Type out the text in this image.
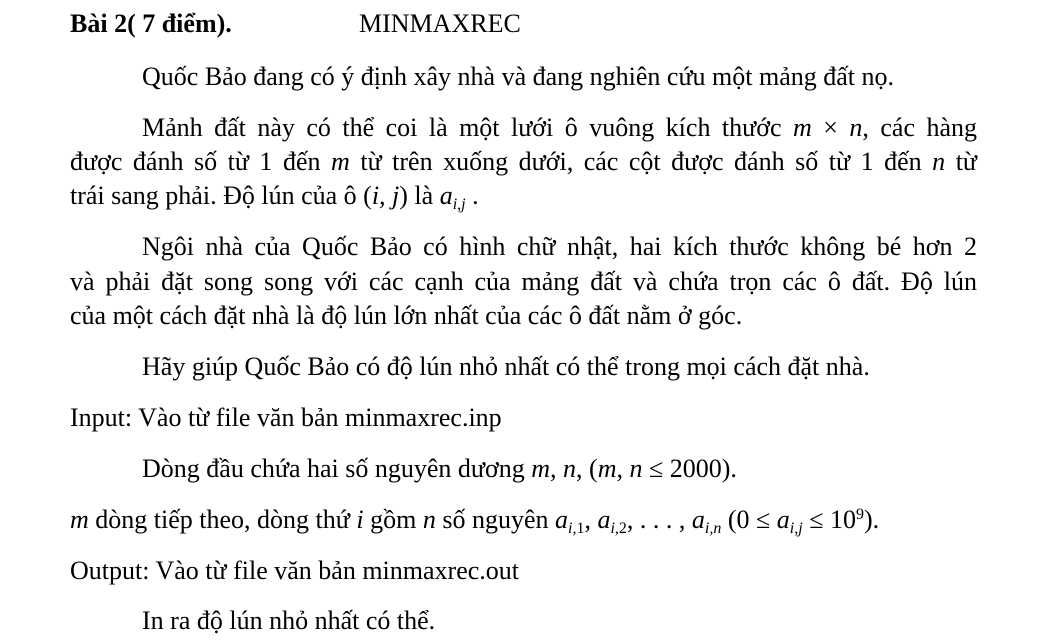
Bài 2( 7 điểm).	MINMAXREC
Quốc Bảo đang có ý định xây nhà và đang nghiên cứu một mảng đất nọ.
Mảnh đất này có thể coi là một lưới ô vuông kích thước m × n, các hàng
được đánh số từ 1 đến m từ trên xuống dưới, các cột được đánh số từ 1 đến n từ
trái sang phải. Độ lún của ô (i, j) là $a_{i,j}$ .
Ngôi nhà của Quốc Bảo có hình chữ nhật, hai kích thước không bé hơn 2
và phải đặt song song với các cạnh của mảng đất và chứa trọn các ô đất. Độ lún
của một cách đặt nhà là độ lún lớn nhất của các ô đất nằm ở góc.
Hãy giúp Quốc Bảo có độ lún nhỏ nhất có thể trong mọi cách đặt nhà.
Input: Vào từ file văn bản minmaxrec.inp
Dòng đầu chứa hai số nguyên dương m, n, (m, n ≤ 2000).
m dòng tiếp theo, dòng thứ i gồm n số nguyên $a_{i,1}$, $a_{i,2}$, . . . , $a_{i,n}$ $(0 \le a_{i,j} \le 10^9)$.
Output: Vào từ file văn bản minmaxrec.out
In ra độ lún nhỏ nhất có thể.
